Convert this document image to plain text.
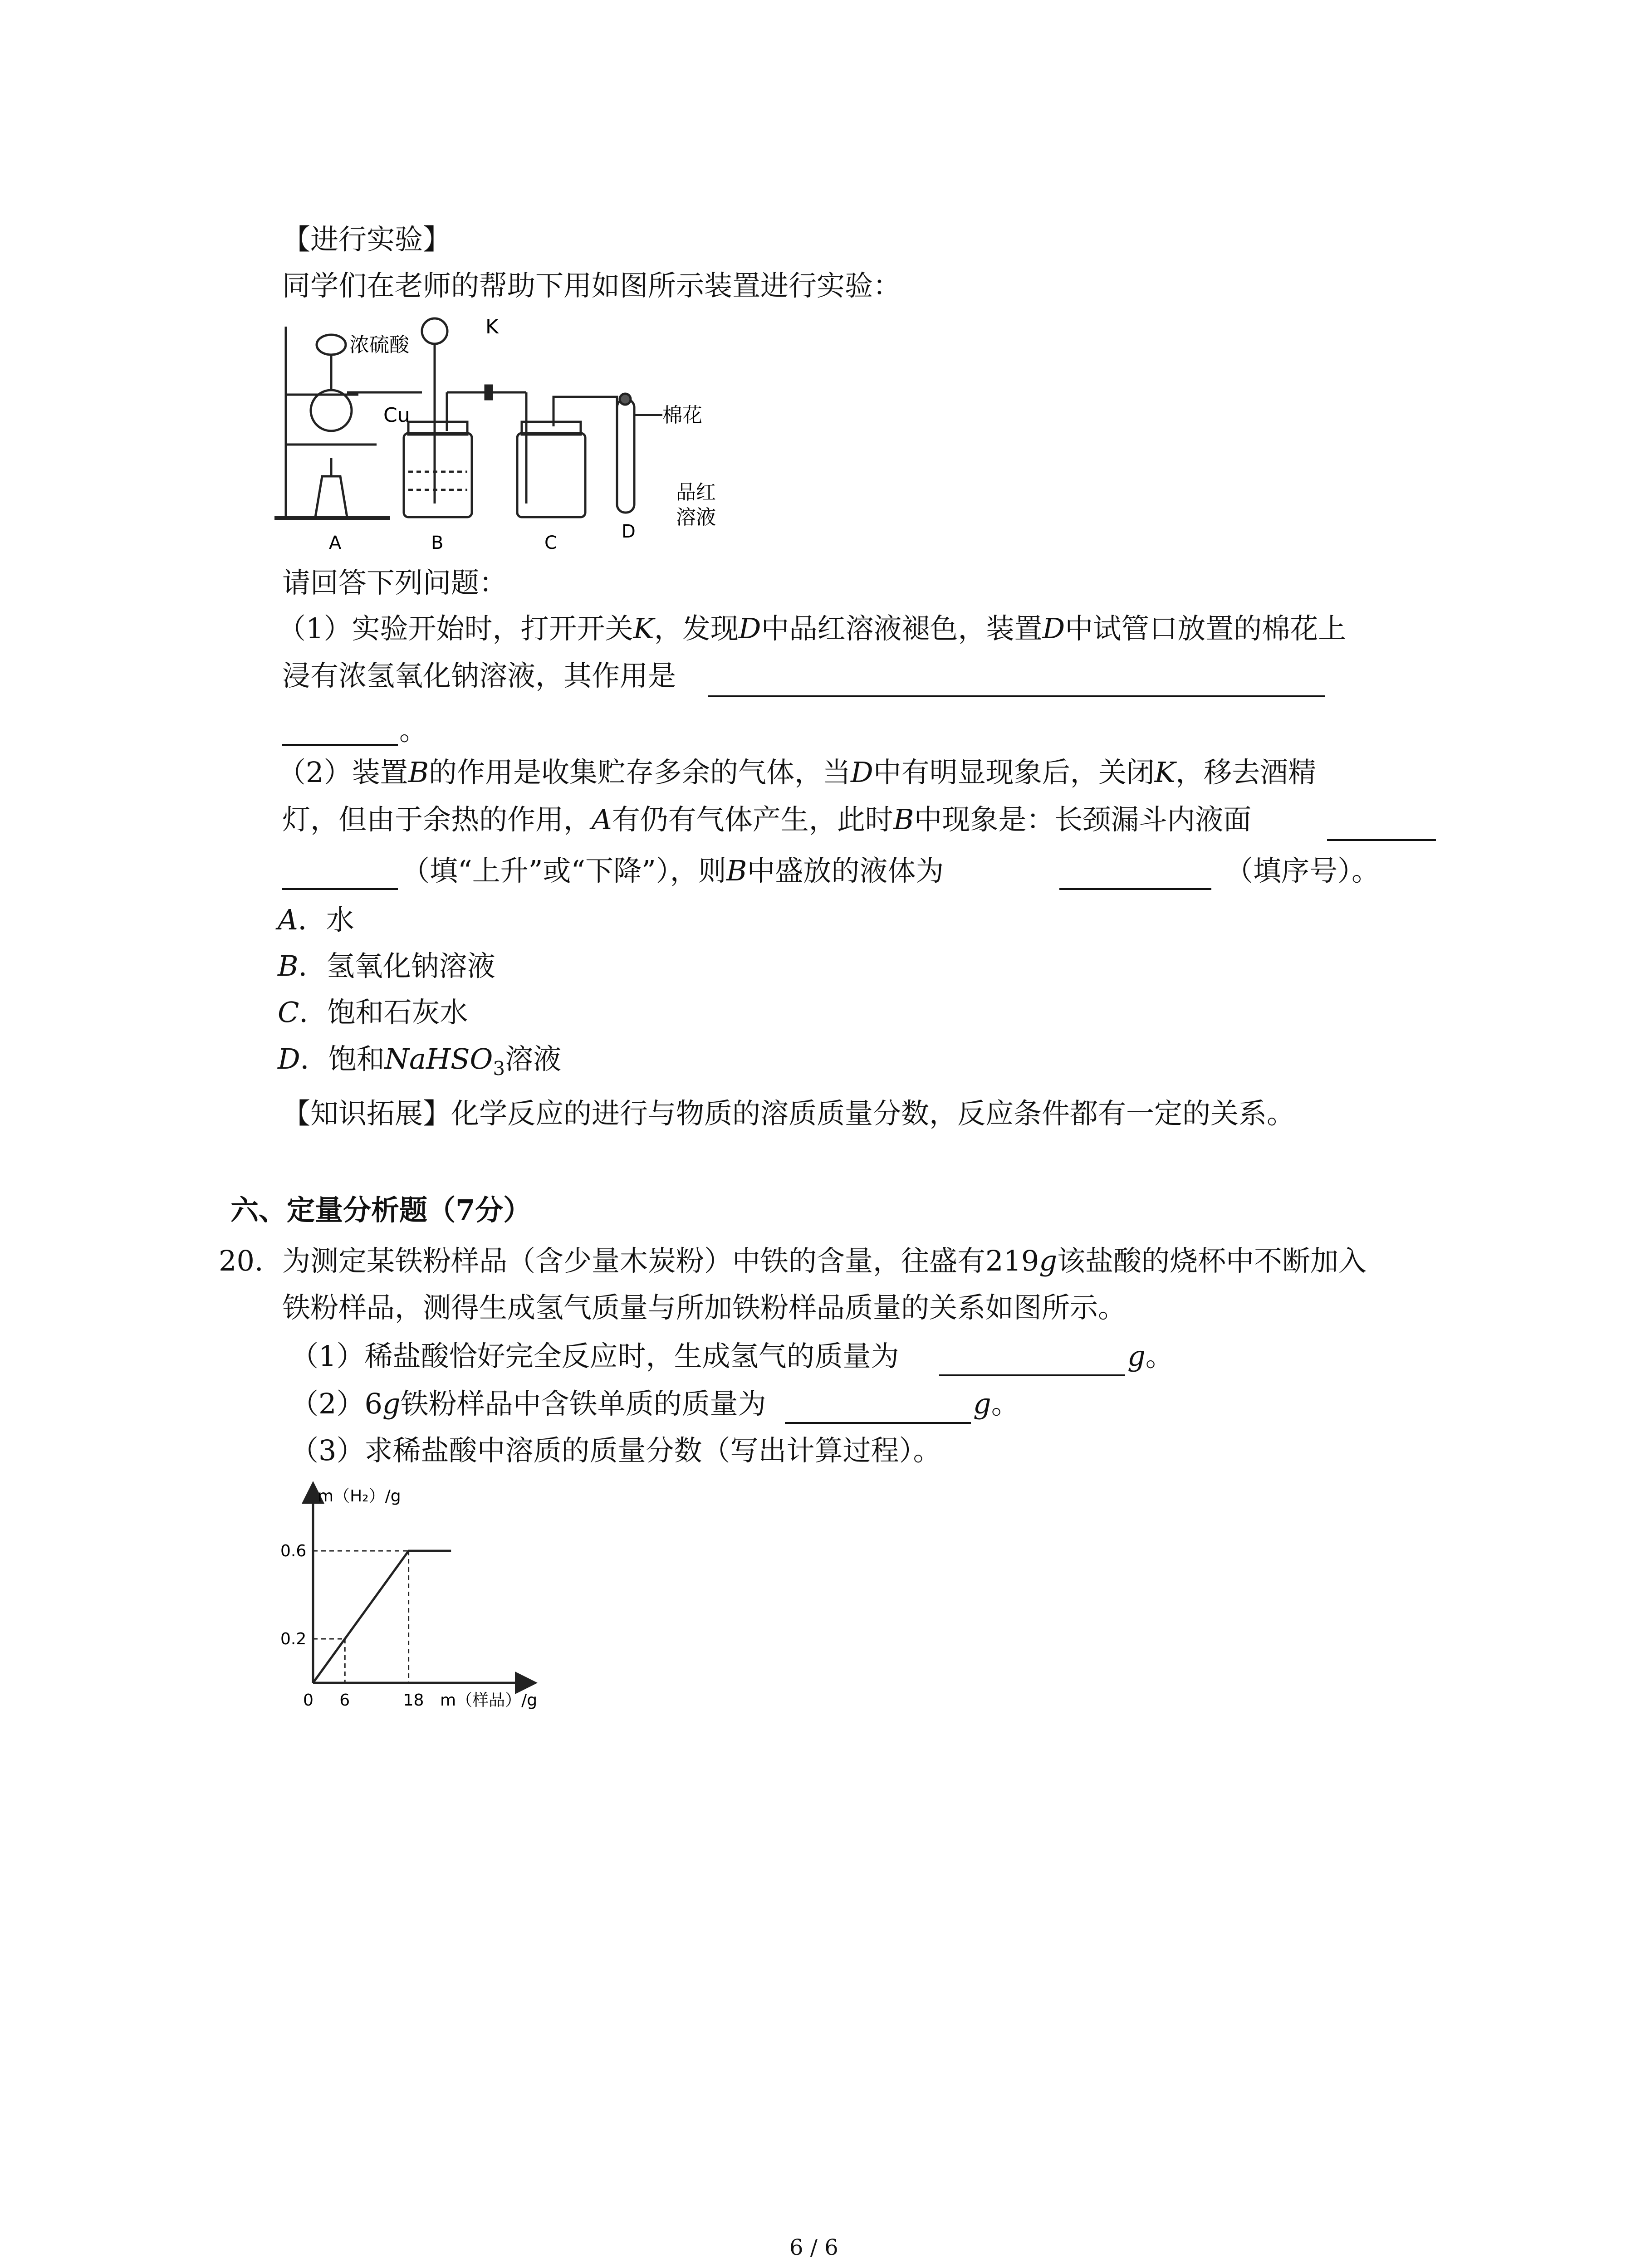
【进行实验】
同学们在老师的帮助下用如图所示装置进行实验：
浓硫酸
K
Cu	棉花
品红
溶液
A	B	C
D
请回答下列问题：
（1）实验开始时，打开开关K，发现D中品红溶液褪色，装置D中试管口放置的棉花上
浸有浓氢氧化钠溶液，其作用是
。
（2）装置B的作用是收集贮存多余的气体，当D中有明显现象后，关闭K，移去酒精
灯，但由于余热的作用，A有仍有气体产生，此时B中现象是：长颈漏斗内液面
（填“上升”或“下降”），则B中盛放的液体为	（填序号）。
A．水
B．氢氧化钠溶液
C．饱和石灰水
D．饱和NaHSO$_3$溶液
【知识拓展】化学反应的进行与物质的溶质质量分数，反应条件都有一定的关系。
六、定量分析题（7分）
20. 为测定某铁粉样品（含少量木炭粉）中铁的含量，往盛有219g该盐酸的烧杯中不断加入
铁粉样品，测得生成氢气质量与所加铁粉样品质量的关系如图所示。
（1）稀盐酸恰好完全反应时，生成氢气的质量为	g。
（2）6g铁粉样品中含铁单质的质量为	g。
（3）求稀盐酸中溶质的质量分数（写出计算过程）。
m（H₂）/g
m（样品）/g
0 6	18
0.6
0.2
6 / 6
